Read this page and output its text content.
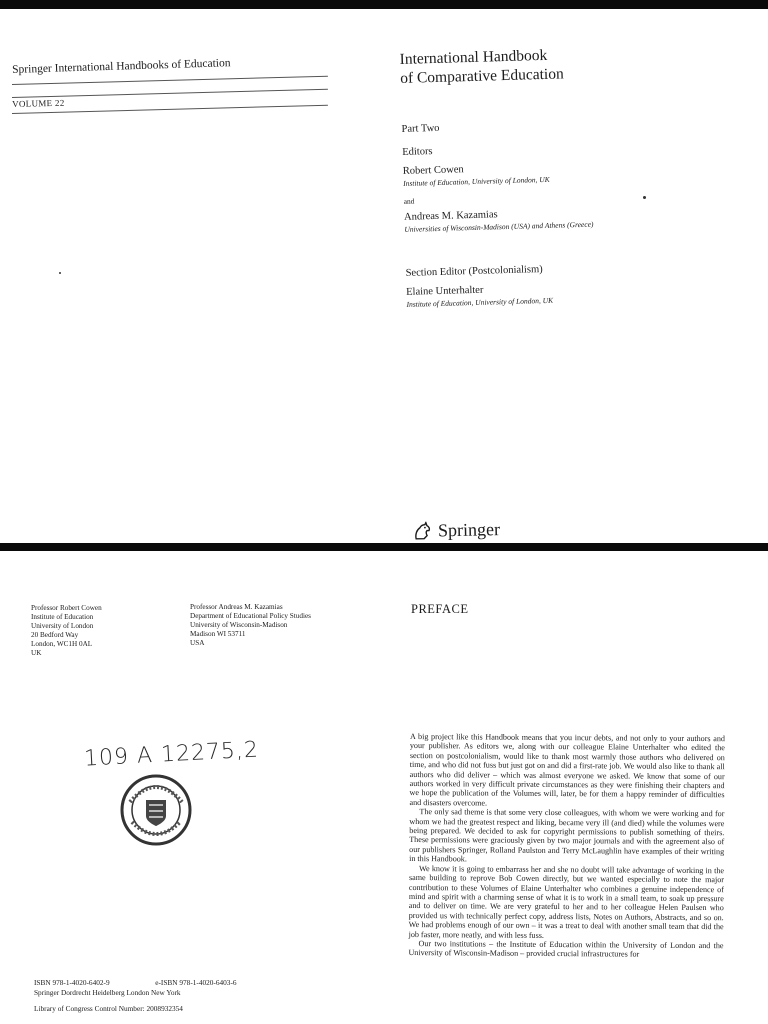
Springer International Handbooks of Education
VOLUME 22
International Handbook
of Comparative Education
Part Two
Editors
Robert Cowen
Institute of Education, University of London, UK
and
Andreas M. Kazamias
Universities of Wisconsin-Madison (USA) and Athens (Greece)
Section Editor (Postcolonialism)
Elaine Unterhalter
Institute of Education, University of London, UK
Springer
Professor Robert Cowen
Institute of Education
University of London
20 Bedford Way
London, WC1H 0AL
UK
Professor Andreas M. Kazamias
Department of Educational Policy Studies
University of Wisconsin-Madison
Madison WI 53711
USA
109 A 12275,2
ISBN 978-1-4020-6402-9	e-ISBN 978-1-4020-6403-6
Springer Dordrecht Heidelberg London New York
Library of Congress Control Number: 2008932354
PREFACE

A big project like this Handbook means that you incur debts, and not only to your authors and your publisher. As editors we, along with our colleague Elaine Unterhalter who edited the section on postcolonialism, would like to thank most warmly those authors who delivered on time, and who did not fuss but just got on and did a first-rate job. We would also like to thank all authors who did deliver – which was almost everyone we asked. We know that some of our authors worked in very difficult private circumstances as they were finishing their chapters and we hope the publication of the Volumes will, later, be for them a happy reminder of difficulties and disasters overcome.

The only sad theme is that some very close colleagues, with whom we were working and for whom we had the greatest respect and liking, became very ill (and died) while the volumes were being prepared. We decided to ask for copyright permissions to publish something of theirs. These permissions were graciously given by two major journals and with the agreement also of our publishers Springer, Rolland Paulston and Terry McLaughlin have examples of their writing in this Handbook.

We know it is going to embarrass her and she no doubt will take advantage of working in the same building to reprove Bob Cowen directly, but we wanted especially to note the major contribution to these Volumes of Elaine Unterhalter who combines a genuine independence of mind and spirit with a charming sense of what it is to work in a small team, to soak up pressure and to deliver on time. We are very grateful to her and to her colleague Helen Paulsen who provided us with technically perfect copy, address lists, Notes on Authors, Abstracts, and so on. We had problems enough of our own – it was a treat to deal with another small team that did the job faster, more neatly, and with less fuss.

Our two institutions – the Institute of Education within the University of London and the University of Wisconsin-Madison – provided crucial infrastructures for
